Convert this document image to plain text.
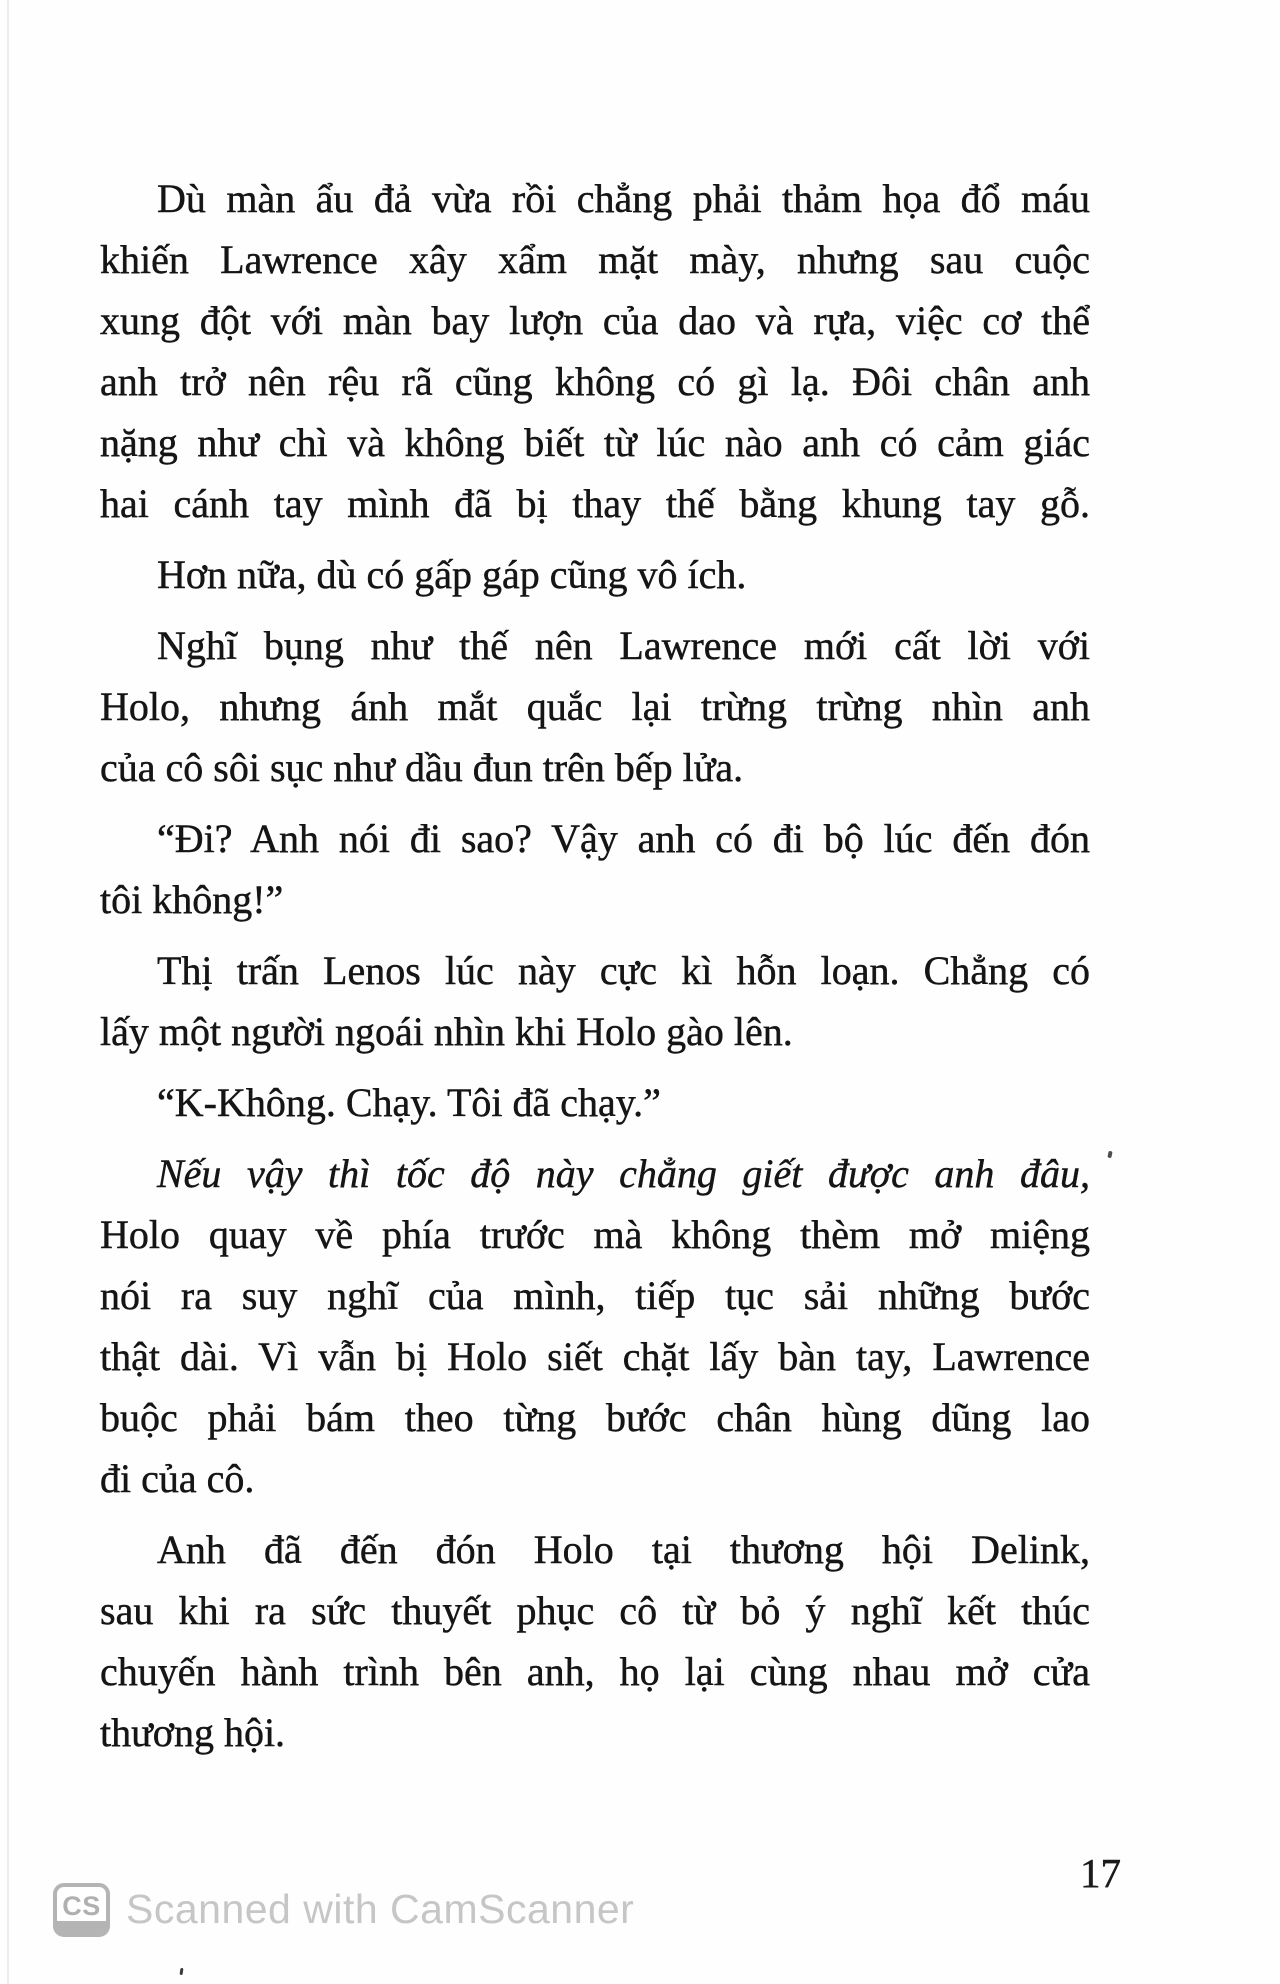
Dù màn ẩu đả vừa rồi chẳng phải thảm họa đổ máu
khiến Lawrence xây xẩm mặt mày, nhưng sau cuộc
xung đột với màn bay lượn của dao và rựa, việc cơ thể
anh trở nên rệu rã cũng không có gì lạ. Đôi chân anh
nặng như chì và không biết từ lúc nào anh có cảm giác
hai cánh tay mình đã bị thay thế bằng khung tay gỗ.
Hơn nữa, dù có gấp gáp cũng vô ích.
Nghĩ bụng như thế nên Lawrence mới cất lời với
Holo, nhưng ánh mắt quắc lại trừng trừng nhìn anh
của cô sôi sục như dầu đun trên bếp lửa.
“Đi? Anh nói đi sao? Vậy anh có đi bộ lúc đến đón
tôi không!”
Thị trấn Lenos lúc này cực kì hỗn loạn. Chẳng có
lấy một người ngoái nhìn khi Holo gào lên.
“K-Không. Chạy. Tôi đã chạy.”
Nếu vậy thì tốc độ này chẳng giết được anh đâu,
Holo quay về phía trước mà không thèm mở miệng
nói ra suy nghĩ của mình, tiếp tục sải những bước
thật dài. Vì vẫn bị Holo siết chặt lấy bàn tay, Lawrence
buộc phải bám theo từng bước chân hùng dũng lao
đi của cô.
Anh đã đến đón Holo tại thương hội Delink,
sau khi ra sức thuyết phục cô từ bỏ ý nghĩ kết thúc
chuyến hành trình bên anh, họ lại cùng nhau mở cửa
thương hội.
17
CS Scanned with CamScanner
